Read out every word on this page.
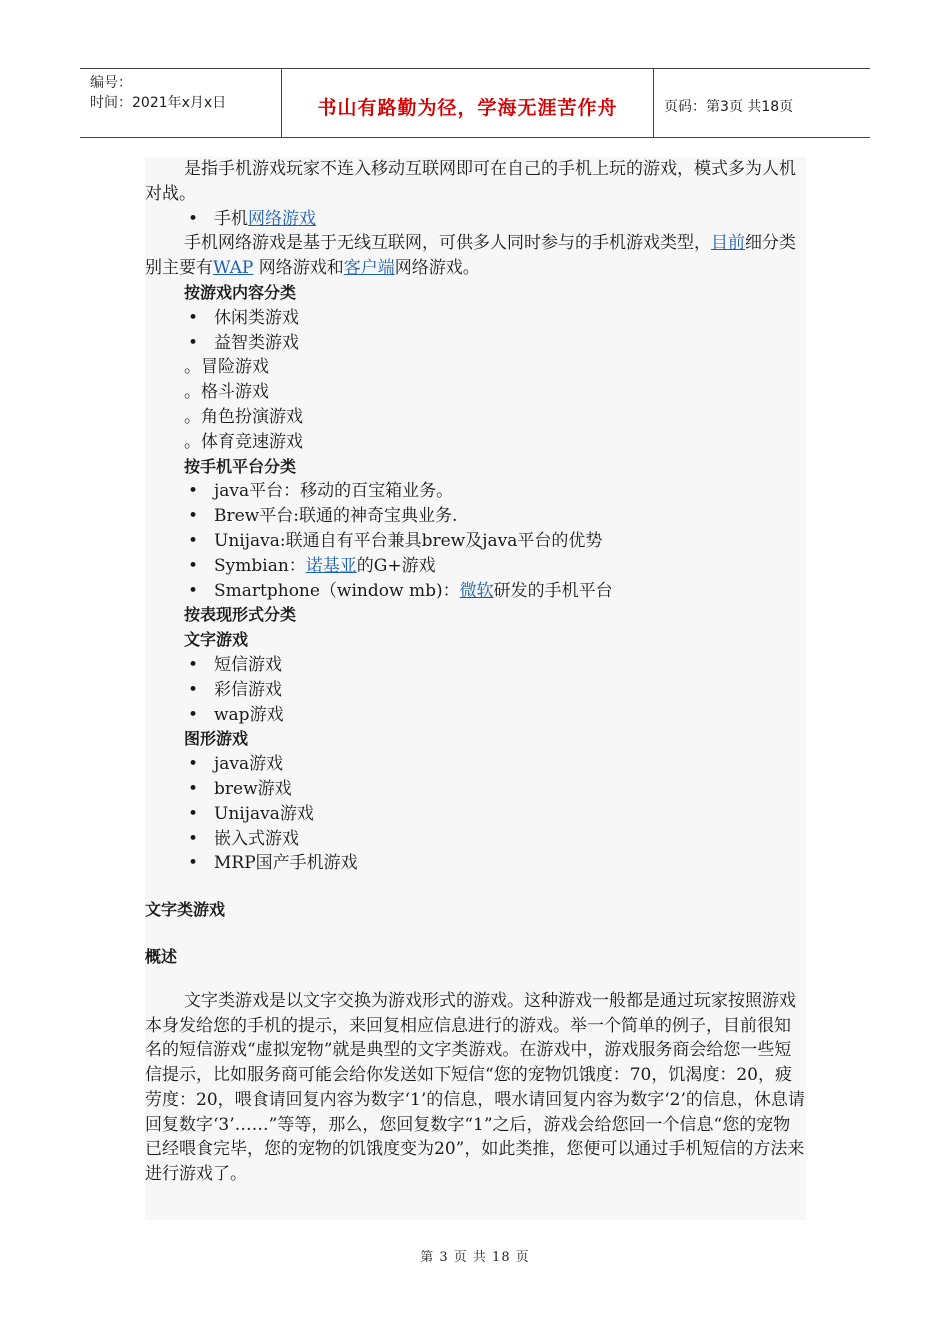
编号：
时间：2021年x月x日	书山有路勤为径，学海无涯苦作舟	页码：第3页 共18页

是指手机游戏玩家不连入移动互联网即可在自己的手机上玩的游戏，模式多为人机对战。

• 手机网络游戏

手机网络游戏是基于无线互联网，可供多人同时参与的手机游戏类型，目前细分类别主要有WAP 网络游戏和客户端网络游戏。

按游戏内容分类

• 休闲类游戏

• 益智类游戏

。冒险游戏

。格斗游戏

。角色扮演游戏

。体育竞速游戏

按手机平台分类

• java平台：移动的百宝箱业务。

• Brew平台:联通的神奇宝典业务.

• Unijava:联通自有平台兼具brew及java平台的优势

• Symbian：诺基亚的G+游戏

• Smartphone（window mb)：微软研发的手机平台

按表现形式分类

文字游戏

• 短信游戏

• 彩信游戏

• wap游戏

图形游戏

• java游戏

• brew游戏

• Unijava游戏

• 嵌入式游戏

• MRP国产手机游戏

文字类游戏

概述

文字类游戏是以文字交换为游戏形式的游戏。这种游戏一般都是通过玩家按照游戏本身发给您的手机的提示，来回复相应信息进行的游戏。举一个简单的例子，目前很知名的短信游戏“虚拟宠物”就是典型的文字类游戏。在游戏中，游戏服务商会给您一些短信提示，比如服务商可能会给你发送如下短信“您的宠物饥饿度：70，饥渴度：20，疲劳度：20，喂食请回复内容为数字‘1’的信息，喂水请回复内容为数字‘2’的信息，休息请回复数字‘3’……”等等，那么，您回复数字“1”之后，游戏会给您回一个信息“您的宠物已经喂食完毕，您的宠物的饥饿度变为20”，如此类推，您便可以通过手机短信的方法来进行游戏了。

第 3 页 共 18 页
